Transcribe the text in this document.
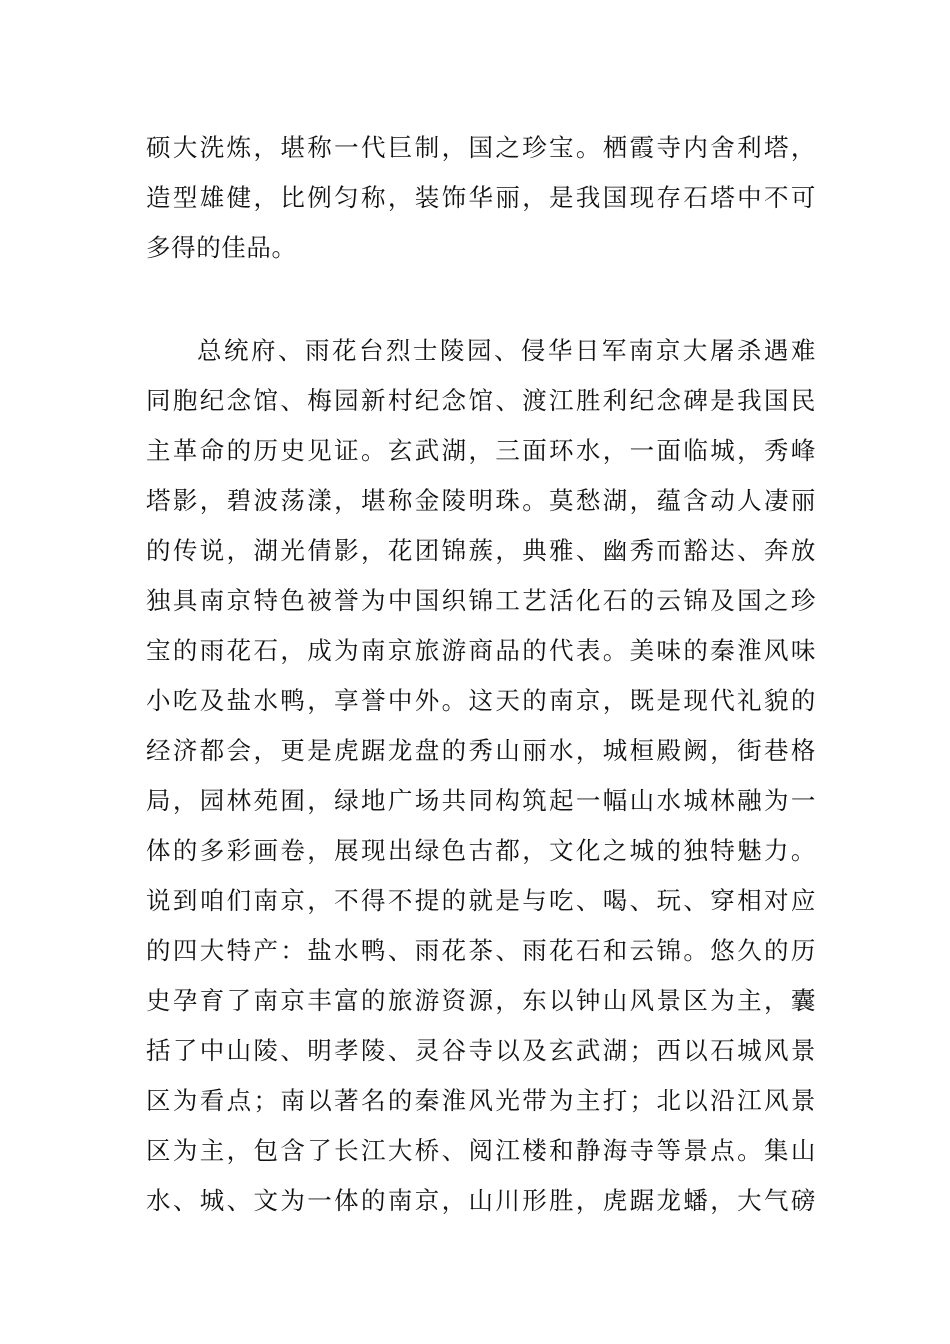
硕大洗炼，堪称一代巨制，国之珍宝。栖霞寺内舍利塔，
造型雄健，比例匀称，装饰华丽，是我国现存石塔中不可
多得的佳品。
总统府、雨花台烈士陵园、侵华日军南京大屠杀遇难
同胞纪念馆、梅园新村纪念馆、渡江胜利纪念碑是我国民
主革命的历史见证。玄武湖，三面环水，一面临城，秀峰
塔影，碧波荡漾，堪称金陵明珠。莫愁湖，蕴含动人凄丽
的传说，湖光倩影，花团锦蔟，典雅、幽秀而豁达、奔放
独具南京特色被誉为中国织锦工艺活化石的云锦及国之珍
宝的雨花石，成为南京旅游商品的代表。美味的秦淮风味
小吃及盐水鸭，享誉中外。这天的南京，既是现代礼貌的
经济都会，更是虎踞龙盘的秀山丽水，城桓殿阙，街巷格
局，园林苑囿，绿地广场共同构筑起一幅山水城林融为一
体的多彩画卷，展现出绿色古都，文化之城的独特魅力。
说到咱们南京，不得不提的就是与吃、喝、玩、穿相对应
的四大特产：盐水鸭、雨花茶、雨花石和云锦。悠久的历
史孕育了南京丰富的旅游资源，东以钟山风景区为主，囊
括了中山陵、明孝陵、灵谷寺以及玄武湖；西以石城风景
区为看点；南以著名的秦淮风光带为主打；北以沿江风景
区为主，包含了长江大桥、阅江楼和静海寺等景点。集山
水、城、文为一体的南京，山川形胜，虎踞龙蟠，大气磅
